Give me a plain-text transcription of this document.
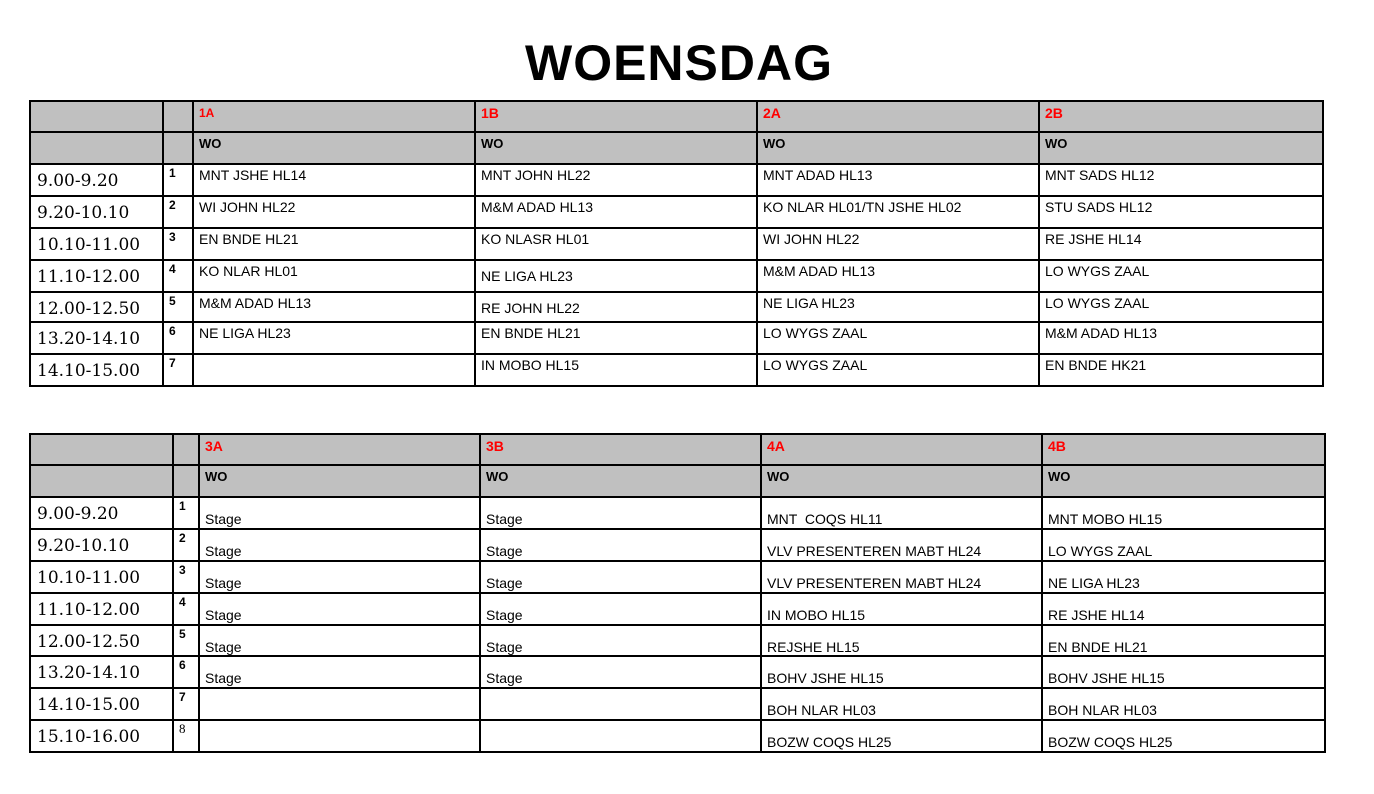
WOENSDAG

		1A	1B	2A	2B

		WO	WO	WO	WO

9.00-9.20	1	MNT JSHE HL14	MNT JOHN HL22	MNT ADAD HL13	MNT SADS HL12

9.20-10.10	2	WI JOHN HL22	M&M ADAD HL13	KO NLAR HL01/TN JSHE HL02	STU SADS HL12

10.10-11.00	3	EN BNDE HL21	KO NLASR HL01	WI JOHN HL22	RE JSHE HL14

11.10-12.00	4	KO NLAR HL01	NE LIGA HL23	M&M ADAD HL13	LO WYGS ZAAL

12.00-12.50	5	M&M ADAD HL13	RE JOHN HL22	NE LIGA HL23	LO WYGS ZAAL

13.20-14.10	6	NE LIGA HL23	EN BNDE HL21	LO WYGS ZAAL	M&M ADAD HL13

14.10-15.00	7		IN MOBO HL15	LO WYGS ZAAL	EN BNDE HK21

		3A	3B	4A	4B

		WO	WO	WO	WO

9.00-9.20	1	Stage	Stage	MNT  COQS HL11	MNT MOBO HL15

9.20-10.10	2	Stage	Stage	VLV PRESENTEREN MABT HL24	LO WYGS ZAAL

10.10-11.00	3	Stage	Stage	VLV PRESENTEREN MABT HL24	NE LIGA HL23

11.10-12.00	4	Stage	Stage	IN MOBO HL15	RE JSHE HL14

12.00-12.50	5	Stage	Stage	REJSHE HL15	EN BNDE HL21

13.20-14.10	6	Stage	Stage	BOHV JSHE HL15	BOHV JSHE HL15

14.10-15.00	7			BOH NLAR HL03	BOH NLAR HL03

15.10-16.00	8			BOZW COQS HL25	BOZW COQS HL25
